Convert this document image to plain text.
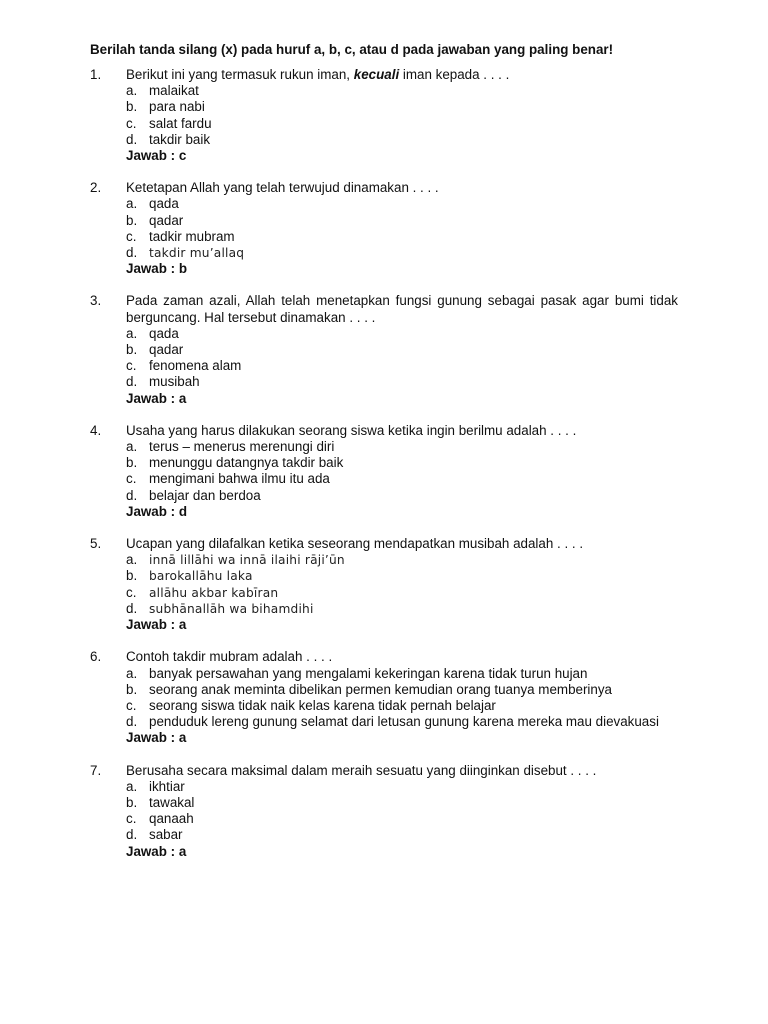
Berilah tanda silang (x) pada huruf a, b, c, atau d pada jawaban yang paling benar!
1.	Berikut ini yang termasuk rukun iman, kecuali iman kepada . . . .
a. malaikat
b. para nabi
c. salat fardu
d. takdir baik
Jawab : c
2.	Ketetapan Allah yang telah terwujud dinamakan . . . .
a. qada
b. qadar
c. tadkir mubram
d. takdir mu’allaq
Jawab : b
3.	Pada zaman azali, Allah telah menetapkan fungsi gunung sebagai pasak agar bumi tidak berguncang. Hal tersebut dinamakan . . . .
a. qada
b. qadar
c. fenomena alam
d. musibah
Jawab : a
4.	Usaha yang harus dilakukan seorang siswa ketika ingin berilmu adalah . . . .
a. terus – menerus merenungi diri
b. menunggu datangnya takdir baik
c. mengimani bahwa ilmu itu ada
d. belajar dan berdoa
Jawab : d
5.	Ucapan yang dilafalkan ketika seseorang mendapatkan musibah adalah . . . .
a. innā lillāhi wa innā ilaihi rāji’ūn
b. barokallāhu laka
c.	allāhu akbar kabīran
d. subhānallāh wa bihamdihi
Jawab : a
6.	Contoh takdir mubram adalah . . . .
a. banyak persawahan yang mengalami kekeringan karena tidak turun hujan
b. seorang anak meminta dibelikan permen kemudian orang tuanya memberinya
c. seorang siswa tidak naik kelas karena tidak pernah belajar
d. penduduk lereng gunung selamat dari letusan gunung karena mereka mau dievakuasi
Jawab : a
7.	Berusaha secara maksimal dalam meraih sesuatu yang diinginkan disebut . . . .
a. ikhtiar
b. tawakal
c. qanaah
d. sabar
Jawab : a
